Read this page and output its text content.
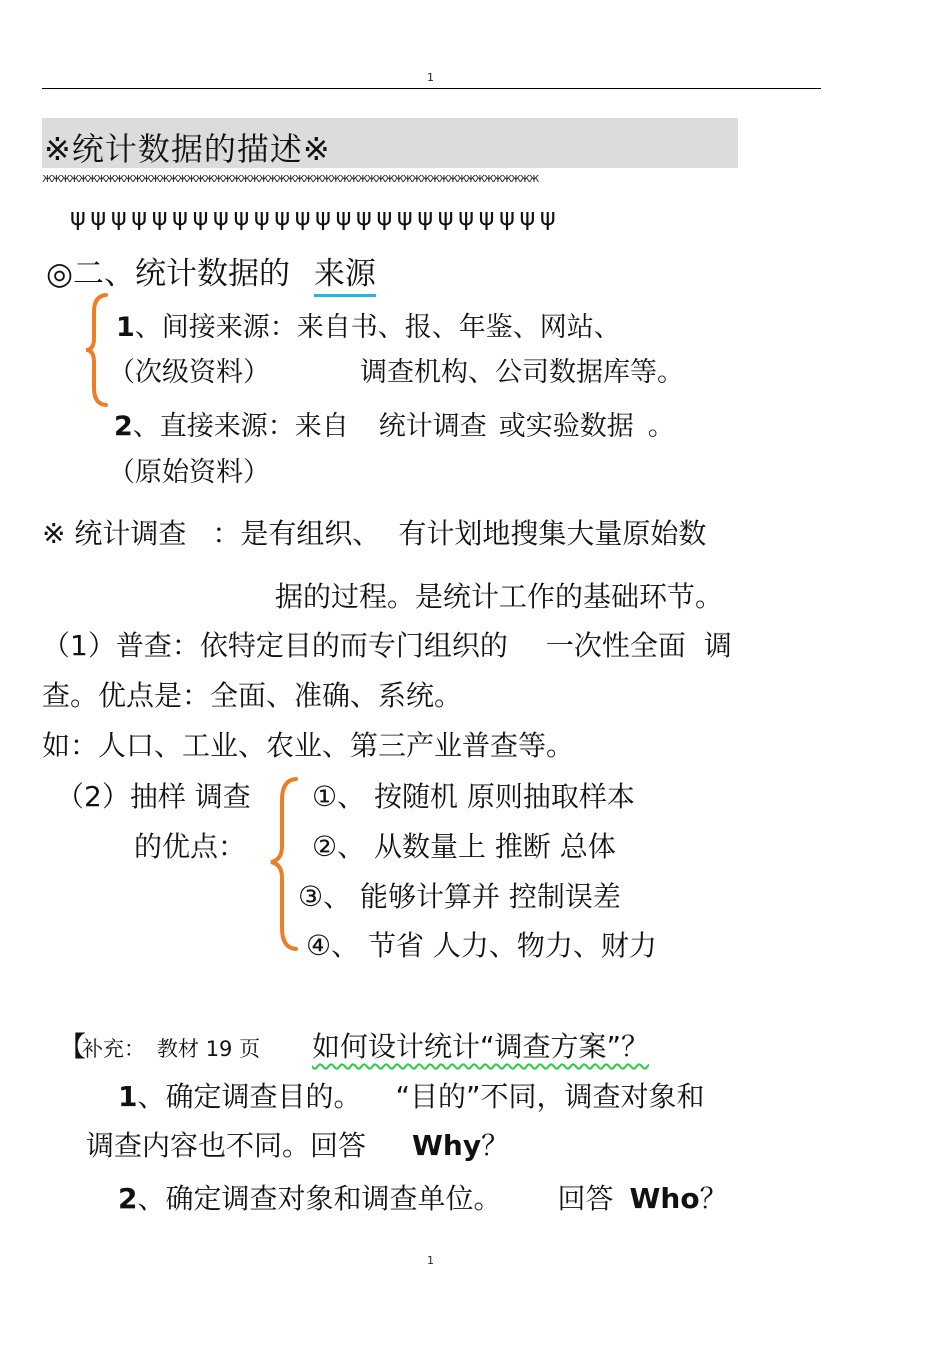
1
※统计数据的描述※
жжжжжжжжжжжжжжжжжжжжжжжжжжжжжжжжжжжжжжжжжжжжжжжжжжжжжжж
ψψψψψψψψψψψψψψψψψψψψψψψψ
◎二、统计数据的 来源
1、间接来源：来自书、报、年鉴、网站、
（次级资料）	调查机构、公司数据库等。
2、直接来源：来自 统计调查 或实验数据 。
（原始资料）
※ 统计调查 ：是有组织、 有计划地搜集大量原始数
据的过程。是统计工作的基础环节。
（1）普查：依特定目的而专门组织的 一次性全面 调
查。优点是：全面、准确、系统。
如：人口、工业、农业、第三产业普查等。
（2）抽样 调查
的优点：
①、 按随机 原则抽取样本
②、 从数量上 推断 总体
③、 能够计算并 控制误差
④、 节省 人力、物力、财力
【补充： 教材 19 页 如何设计统计“调查方案”？
1、确定调查目的。 “目的”不同，调查对象和
调查内容也不同。回答 Why？
2、确定调查对象和调查单位。 回答 Who？
1
